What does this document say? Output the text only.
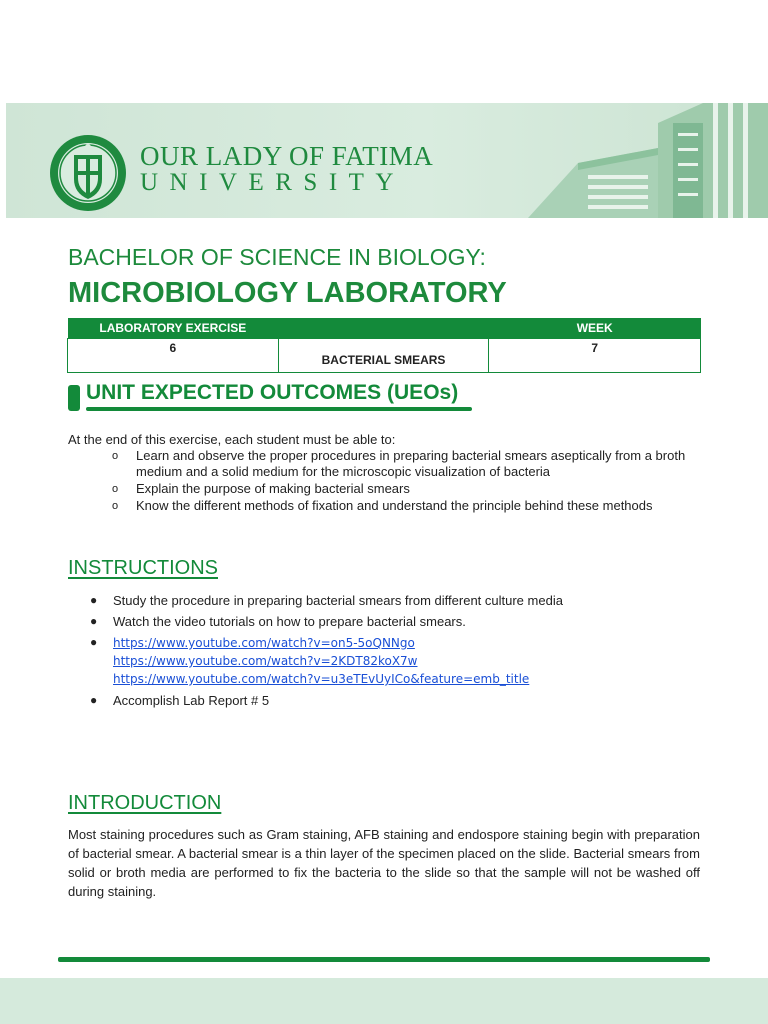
OUR LADY OF FATIMA
UNIVERSITY
BACHELOR OF SCIENCE IN BIOLOGY:
MICROBIOLOGY LABORATORY
LABORATORY EXERCISE		WEEK
6	BACTERIAL SMEARS	7
UNIT EXPECTED OUTCOMES (UEOs)
At the end of this exercise, each student must be able to:
o Learn and observe the proper procedures in preparing bacterial smears aseptically from a broth medium and a solid medium for the microscopic visualization of bacteria
o Explain the purpose of making bacterial smears
o Know the different methods of fixation and understand the principle behind these methods
INSTRUCTIONS
● Study the procedure in preparing bacterial smears from different culture media
● Watch the video tutorials on how to prepare bacterial smears.
● https://www.youtube.com/watch?v=on5-5oQNNgo
https://www.youtube.com/watch?v=2KDT82koX7w
https://www.youtube.com/watch?v=u3eTEvUyICo&feature=emb_title
● Accomplish Lab Report # 5
INTRODUCTION
Most staining procedures such as Gram staining, AFB staining and endospore staining begin with preparation of bacterial smear. A bacterial smear is a thin layer of the specimen placed on the slide. Bacterial smears from solid or broth media are performed to fix the bacteria to the slide so that the sample will not be washed off during staining.
